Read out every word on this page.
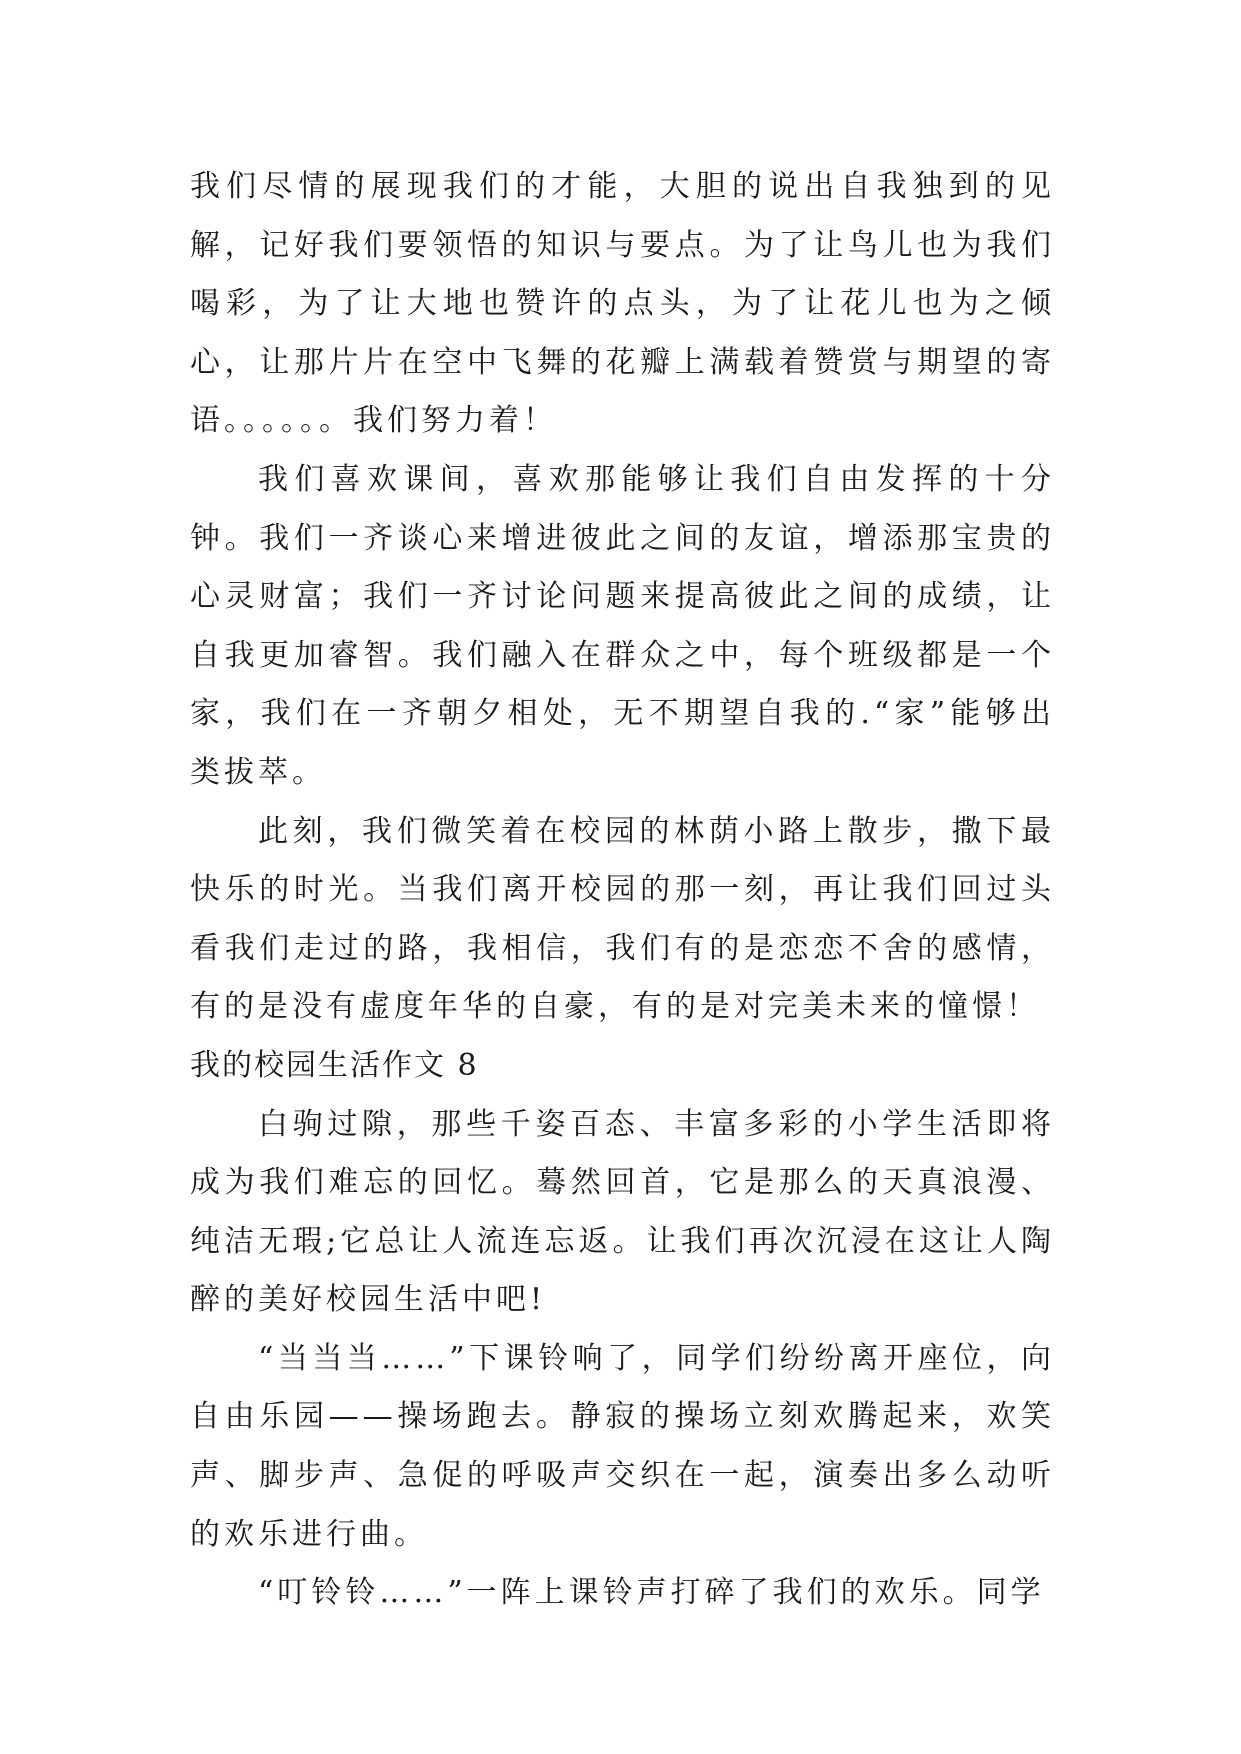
我们尽情的展现我们的才能，大胆的说出自我独到的见解，记好我们要领悟的知识与要点。为了让鸟儿也为我们喝彩，为了让大地也赞许的点头，为了让花儿也为之倾心，让那片片在空中飞舞的花瓣上满载着赞赏与期望的寄语。。。。。。我们努力着！

我们喜欢课间，喜欢那能够让我们自由发挥的十分钟。我们一齐谈心来增进彼此之间的友谊，增添那宝贵的心灵财富；我们一齐讨论问题来提高彼此之间的成绩，让自我更加睿智。我们融入在群众之中，每个班级都是一个家，我们在一齐朝夕相处，无不期望自我的.“家”能够出类拔萃。

此刻，我们微笑着在校园的林荫小路上散步，撒下最快乐的时光。当我们离开校园的那一刻，再让我们回过头看我们走过的路，我相信，我们有的是恋恋不舍的感情，有的是没有虚度年华的自豪，有的是对完美未来的憧憬！

我的校园生活作文 8

白驹过隙，那些千姿百态、丰富多彩的小学生活即将成为我们难忘的回忆。蓦然回首，它是那么的天真浪漫、纯洁无瑕;它总让人流连忘返。让我们再次沉浸在这让人陶醉的美好校园生活中吧!

“当当当……”下课铃响了，同学们纷纷离开座位，向自由乐园——操场跑去。静寂的操场立刻欢腾起来，欢笑声、脚步声、急促的呼吸声交织在一起，演奏出多么动听的欢乐进行曲。

“叮铃铃……”一阵上课铃声打碎了我们的欢乐。同学
